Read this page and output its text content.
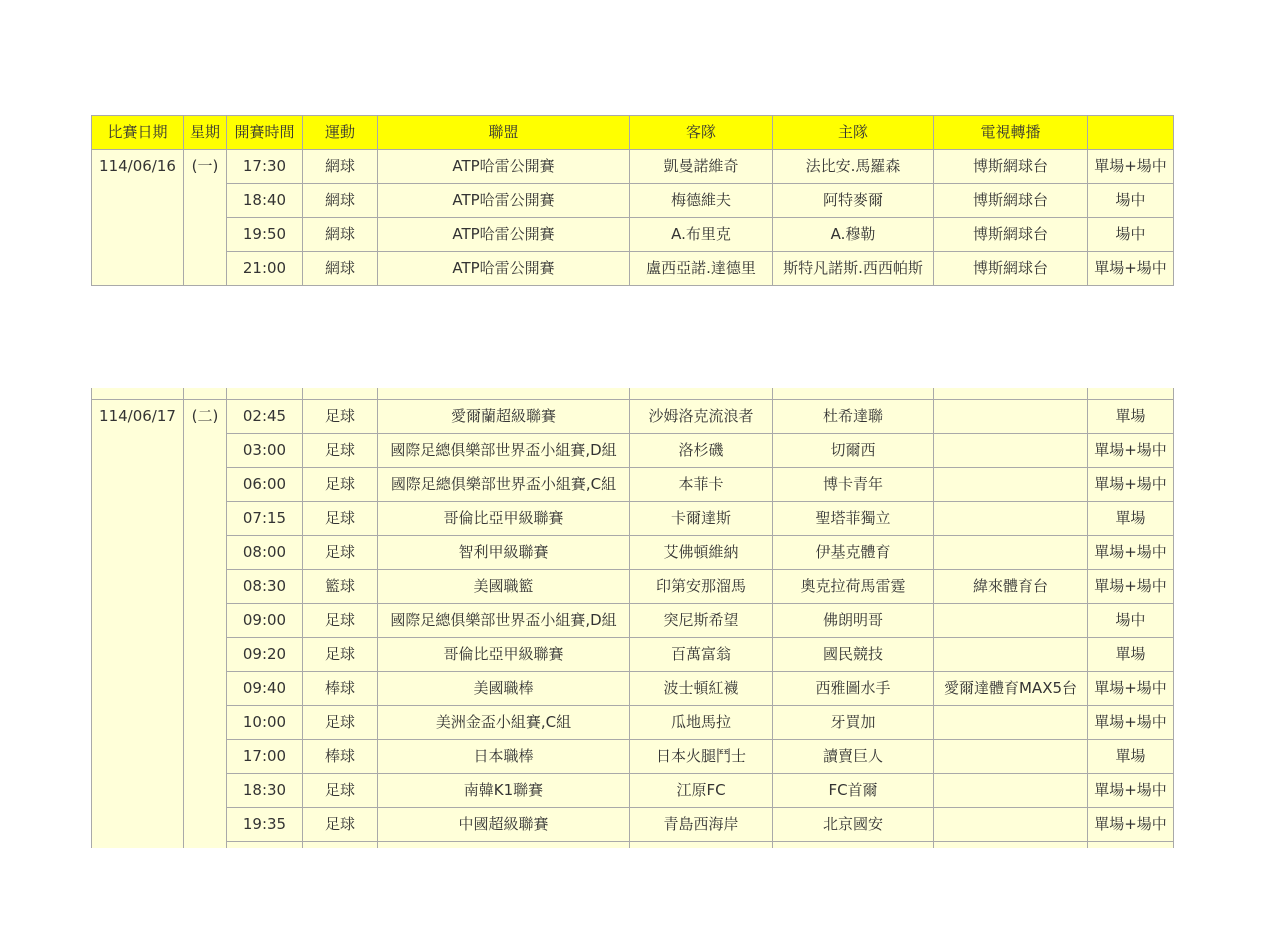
比賽日期	星期	開賽時間	運動	聯盟	客隊	主隊	電視轉播	
114/06/16	(一)	17:30	網球	ATP哈雷公開賽	凱曼諾維奇	法比安.馬羅森	博斯網球台	單場+場中
		18:40	網球	ATP哈雷公開賽	梅德維夫	阿特麥爾	博斯網球台	場中
		19:50	網球	ATP哈雷公開賽	A.布里克	A.穆勒	博斯網球台	場中
		21:00	網球	ATP哈雷公開賽	盧西亞諾.達德里	斯特凡諾斯.西西帕斯	博斯網球台	單場+場中

114/06/17	(二)	02:45	足球	愛爾蘭超級聯賽	沙姆洛克流浪者	杜希達聯		單場
		03:00	足球	國際足總俱樂部世界盃小組賽,D組	洛杉磯	切爾西		單場+場中
		06:00	足球	國際足總俱樂部世界盃小組賽,C組	本菲卡	博卡青年		單場+場中
		07:15	足球	哥倫比亞甲級聯賽	卡爾達斯	聖塔菲獨立		單場
		08:00	足球	智利甲級聯賽	艾佛頓維納	伊基克體育		單場+場中
		08:30	籃球	美國職籃	印第安那溜馬	奧克拉荷馬雷霆	緯來體育台	單場+場中
		09:00	足球	國際足總俱樂部世界盃小組賽,D組	突尼斯希望	佛朗明哥		場中
		09:20	足球	哥倫比亞甲級聯賽	百萬富翁	國民競技		單場
		09:40	棒球	美國職棒	波士頓紅襪	西雅圖水手	愛爾達體育MAX5台	單場+場中
		10:00	足球	美洲金盃小組賽,C組	瓜地馬拉	牙買加		單場+場中
		17:00	棒球	日本職棒	日本火腿鬥士	讀賣巨人		單場
		18:30	足球	南韓K1聯賽	江原FC	FC首爾		單場+場中
		19:35	足球	中國超級聯賽	青島西海岸	北京國安		單場+場中
